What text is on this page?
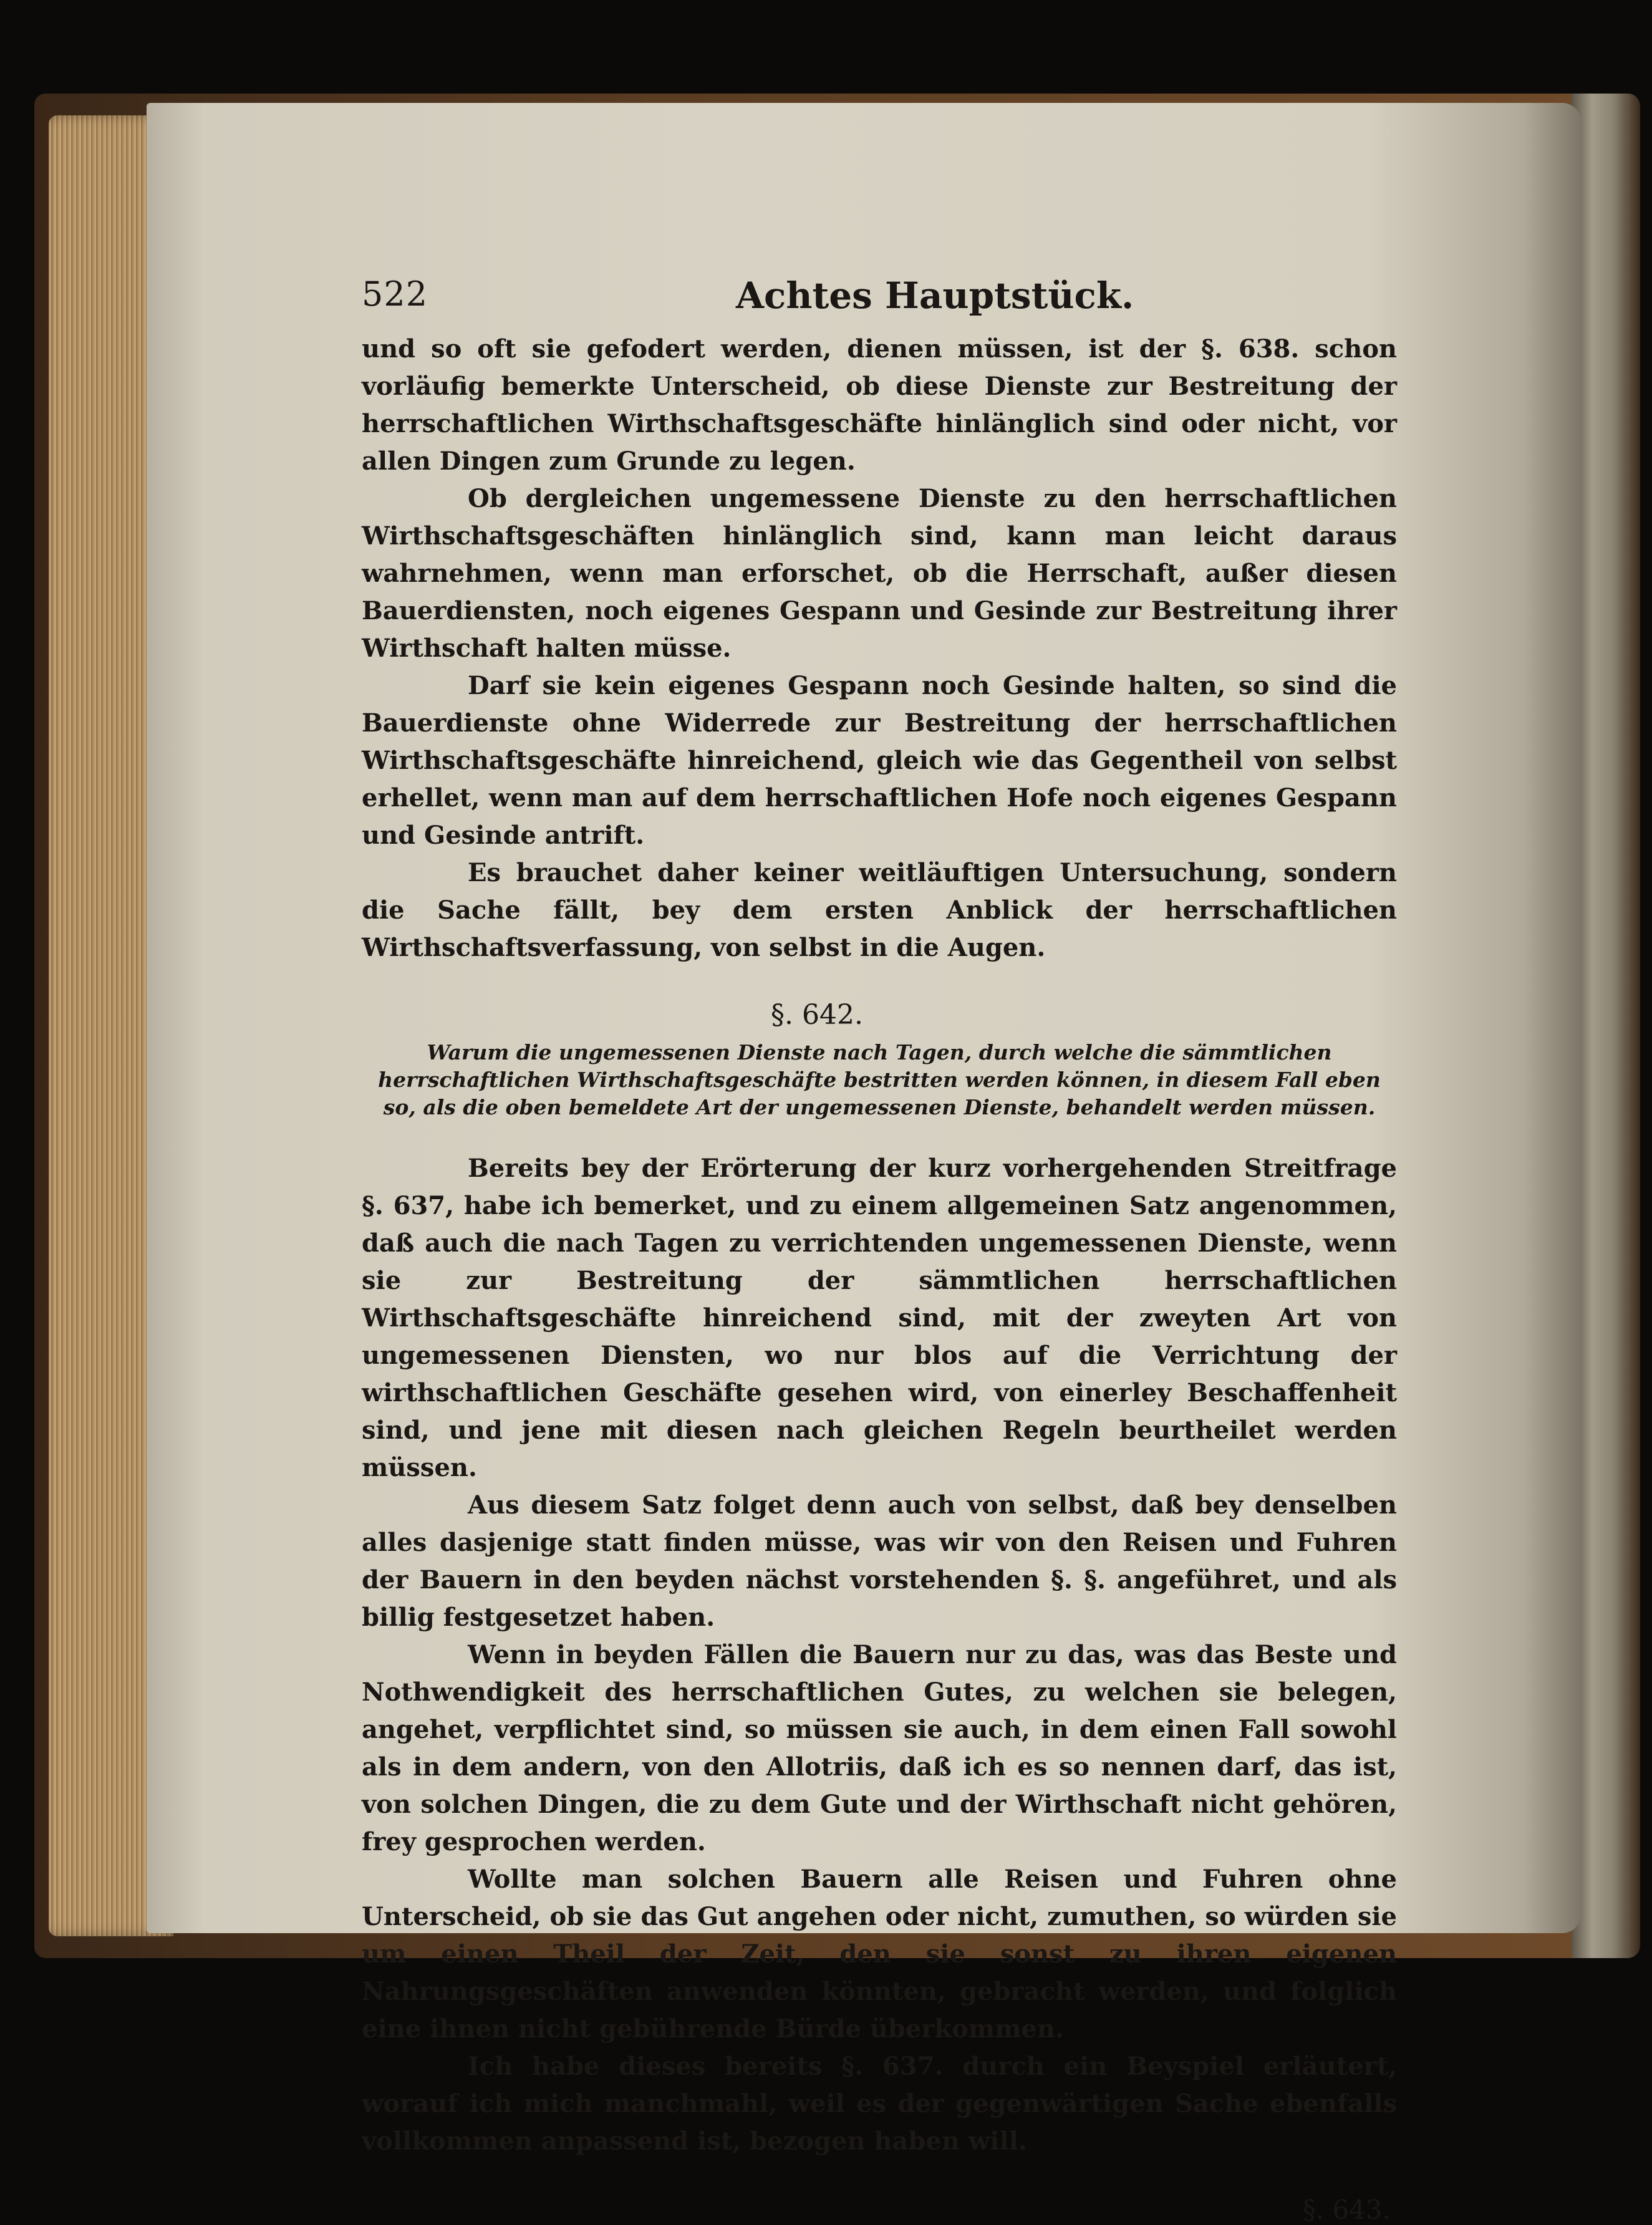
522	Achtes Hauptstück.

und so oft sie gefodert werden, dienen müssen, ist der §. 638. schon vorläufig bemerkte Unterscheid, ob diese Dienste zur Bestreitung der herrschaftlichen Wirthschaftsgeschäfte hinlänglich sind oder nicht, vor allen Dingen zum Grunde zu legen.

Ob dergleichen ungemessene Dienste zu den herrschaftlichen Wirthschaftsgeschäften hinlänglich sind, kann man leicht daraus wahrnehmen, wenn man erforschet, ob die Herrschaft, außer diesen Bauerdiensten, noch eigenes Gespann und Gesinde zur Bestreitung ihrer Wirthschaft halten müsse.

Darf sie kein eigenes Gespann noch Gesinde halten, so sind die Bauerdienste ohne Widerrede zur Bestreitung der herrschaftlichen Wirthschaftsgeschäfte hinreichend, gleich wie das Gegentheil von selbst erhellet, wenn man auf dem herrschaftlichen Hofe noch eigenes Gespann und Gesinde antrift.

Es brauchet daher keiner weitläuftigen Untersuchung, sondern die Sache fällt, bey dem ersten Anblick der herrschaftlichen Wirthschaftsverfassung, von selbst in die Augen.

§. 642.
Warum die ungemessenen Dienste nach Tagen, durch welche die sämmtlichen herrschaftlichen Wirthschaftsgeschäfte bestritten werden können, in diesem Fall eben so, als die oben bemeldete Art der ungemessenen Dienste, behandelt werden müssen.

Bereits bey der Erörterung der kurz vorhergehenden Streitfrage §. 637, habe ich bemerket, und zu einem allgemeinen Satz angenommen, daß auch die nach Tagen zu verrichtenden ungemessenen Dienste, wenn sie zur Bestreitung der sämmtlichen herrschaftlichen Wirthschaftsgeschäfte hinreichend sind, mit der zweyten Art von ungemessenen Diensten, wo nur blos auf die Verrichtung der wirthschaftlichen Geschäfte gesehen wird, von einerley Beschaffenheit sind, und jene mit diesen nach gleichen Regeln beurtheilet werden müssen.

Aus diesem Satz folget denn auch von selbst, daß bey denselben alles dasjenige statt finden müsse, was wir von den Reisen und Fuhren der Bauern in den beyden nächst vorstehenden §. §. angeführet, und als billig festgesetzet haben.

Wenn in beyden Fällen die Bauern nur zu das, was das Beste und Nothwendigkeit des herrschaftlichen Gutes, zu welchen sie belegen, angehet, verpflichtet sind, so müssen sie auch, in dem einen Fall sowohl als in dem andern, von den Allotriis, daß ich es so nennen darf, das ist, von solchen Dingen, die zu dem Gute und der Wirthschaft nicht gehören, frey gesprochen werden.

Wollte man solchen Bauern alle Reisen und Fuhren ohne Unterscheid, ob sie das Gut angehen oder nicht, zumuthen, so würden sie um einen Theil der Zeit, den sie sonst zu ihren eigenen Nahrungsgeschäften anwenden könnten, gebracht werden, und folglich eine ihnen nicht gebührende Bürde überkommen.

Ich habe dieses bereits §. 637. durch ein Beyspiel erläutert, worauf ich mich manchmahl, weil es der gegenwärtigen Sache ebenfalls vollkommen anpassend ist, bezogen haben will.

§. 643.
